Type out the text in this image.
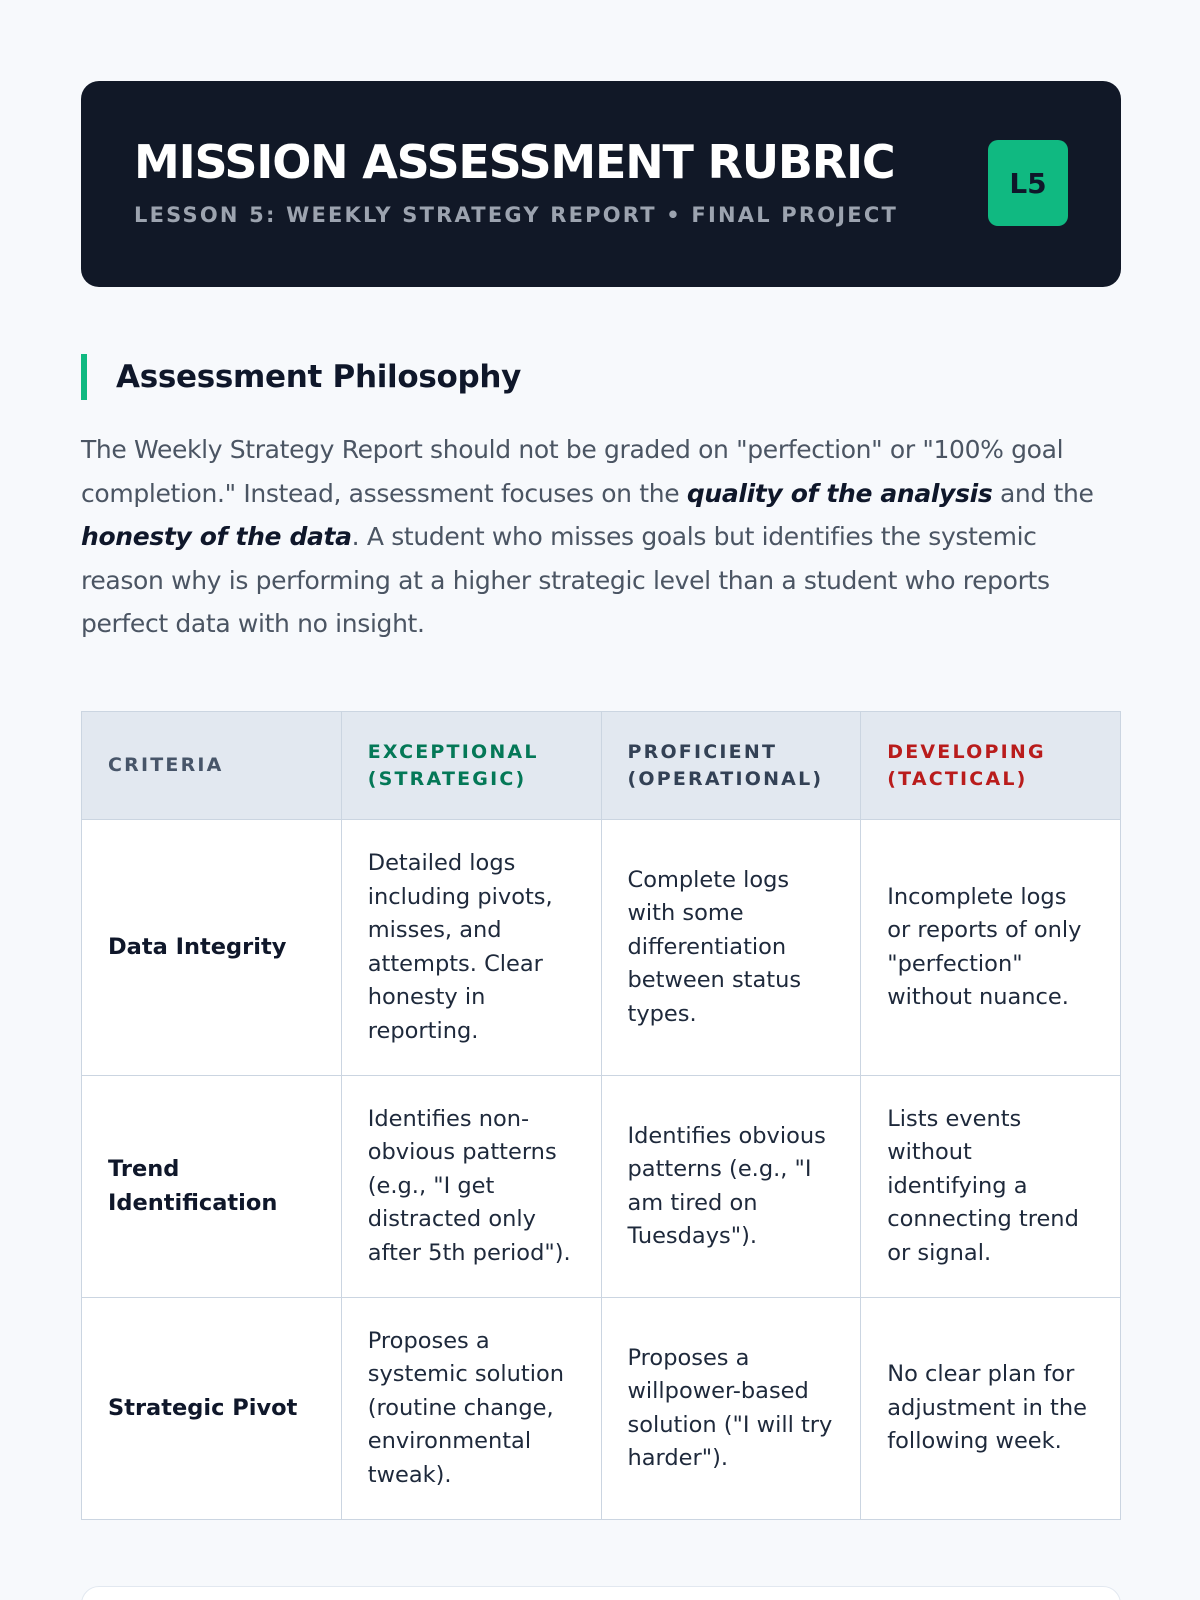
MISSION ASSESSMENT RUBRIC
LESSON 5: WEEKLY STRATEGY REPORT • FINAL PROJECT
L5
Assessment Philosophy

The Weekly Strategy Report should not be graded on "perfection" or "100% goal completion." Instead, assessment focuses on the quality of the analysis and the honesty of the data. A student who misses goals but identifies the systemic reason why is performing at a higher strategic level than a student who reports perfect data with no insight.

CRITERIA	EXCEPTIONAL (STRATEGIC)	PROFICIENT (OPERATIONAL)	DEVELOPING (TACTICAL)
Data Integrity	Detailed logs including pivots, misses, and attempts. Clear honesty in reporting.	Complete logs with some differentiation between status types.	Incomplete logs or reports of only "perfection" without nuance.
Trend Identification	Identifies non-obvious patterns (e.g., "I get distracted only after 5th period").	Identifies obvious patterns (e.g., "I am tired on Tuesdays").	Lists events without identifying a connecting trend or signal.
Strategic Pivot	Proposes a systemic solution (routine change, environmental tweak).	Proposes a willpower-based solution ("I will try harder").	No clear plan for adjustment in the following week.
